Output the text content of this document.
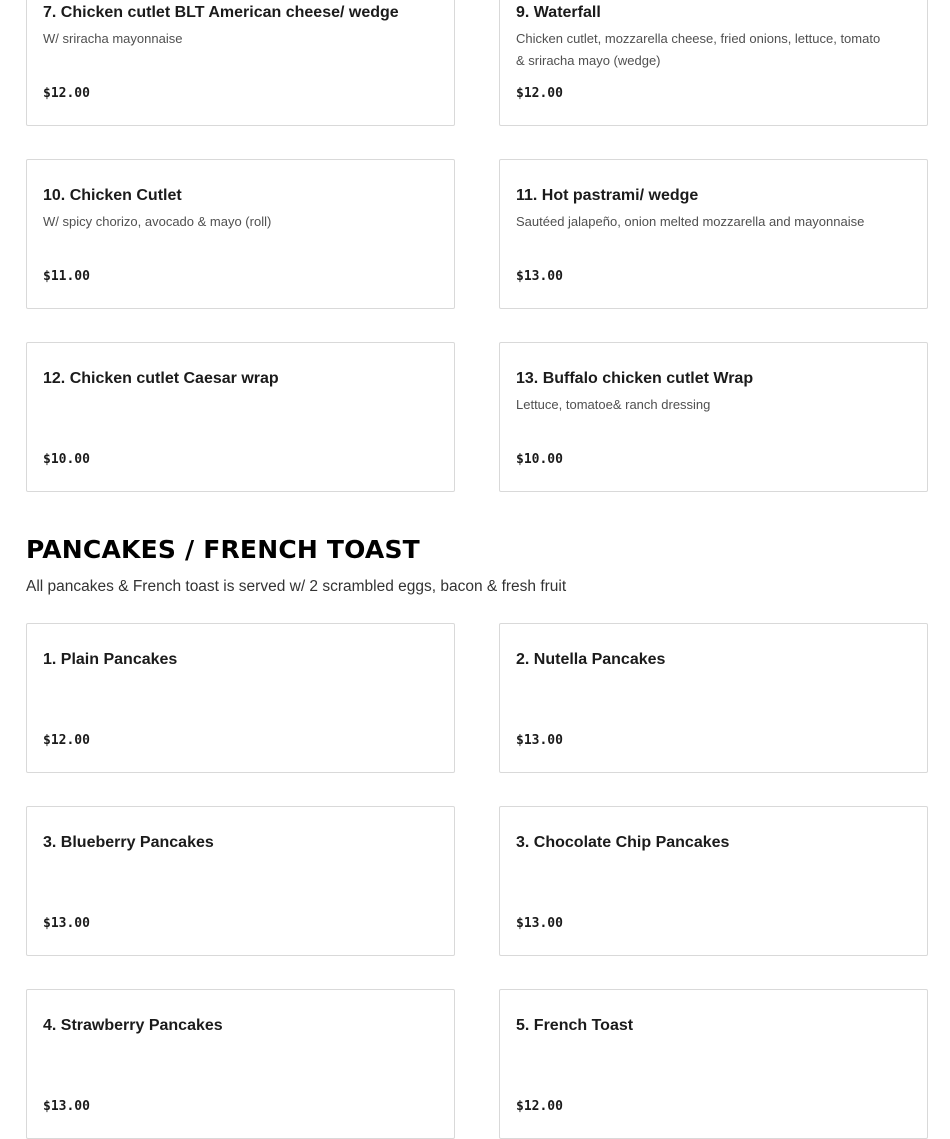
7. Chicken cutlet BLT American cheese/ wedge
W/ sriracha mayonnaise
$12.00
9. Waterfall
Chicken cutlet, mozzarella cheese, fried onions, lettuce, tomato & sriracha mayo (wedge)
$12.00
10. Chicken Cutlet
W/ spicy chorizo, avocado & mayo (roll)
$11.00
11. Hot pastrami/ wedge
Sautéed jalapeño, onion melted mozzarella and mayonnaise
$13.00
12. Chicken cutlet Caesar wrap
$10.00
13. Buffalo chicken cutlet Wrap
Lettuce, tomatoe& ranch dressing
$10.00
PANCAKES / FRENCH TOAST
All pancakes & French toast is served w/ 2 scrambled eggs, bacon & fresh fruit
1. Plain Pancakes
$12.00
2. Nutella Pancakes
$13.00
3. Blueberry Pancakes
$13.00
3. Chocolate Chip Pancakes
$13.00
4. Strawberry Pancakes
$13.00
5. French Toast
$12.00
